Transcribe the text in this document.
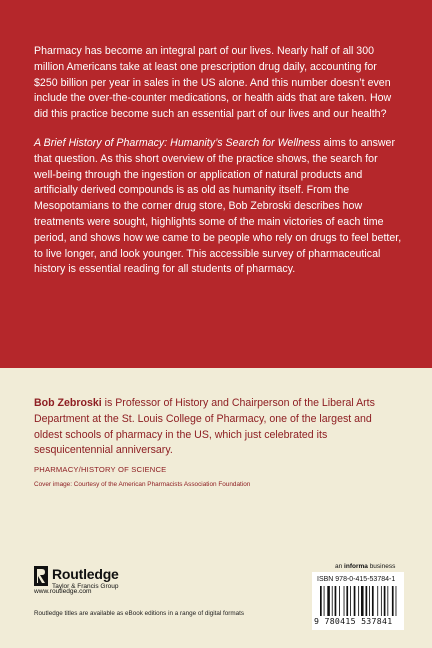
Pharmacy has become an integral part of our lives. Nearly half of all 300 million Americans take at least one prescription drug daily, accounting for $250 billion per year in sales in the US alone. And this number doesn’t even include the over-the-counter medications, or health aids that are taken. How did this practice become such an essential part of our lives and our health?

A Brief History of Pharmacy: Humanity’s Search for Wellness aims to answer that question. As this short overview of the practice shows, the search for well-being through the ingestion or application of natural products and artificially derived compounds is as old as humanity itself. From the Mesopotamians to the corner drug store, Bob Zebroski describes how treatments were sought, highlights some of the main victories of each time period, and shows how we came to be people who rely on drugs to feel better, to live longer, and look younger. This accessible survey of pharmaceutical history is essential reading for all students of pharmacy.

Bob Zebroski is Professor of History and Chairperson of the Liberal Arts Department at the St. Louis College of Pharmacy, one of the largest and oldest schools of pharmacy in the US, which just celebrated its sesquicentennial anniversary.

PHARMACY/HISTORY OF SCIENCE

Cover image: Courtesy of the American Pharmacists Association Foundation

Routledge
Taylor & Francis Group
www.routledge.com
Routledge titles are available as eBook editions in a range of digital formats
an informa business
ISBN 978-0-415-53784-1
9 780415 537841
